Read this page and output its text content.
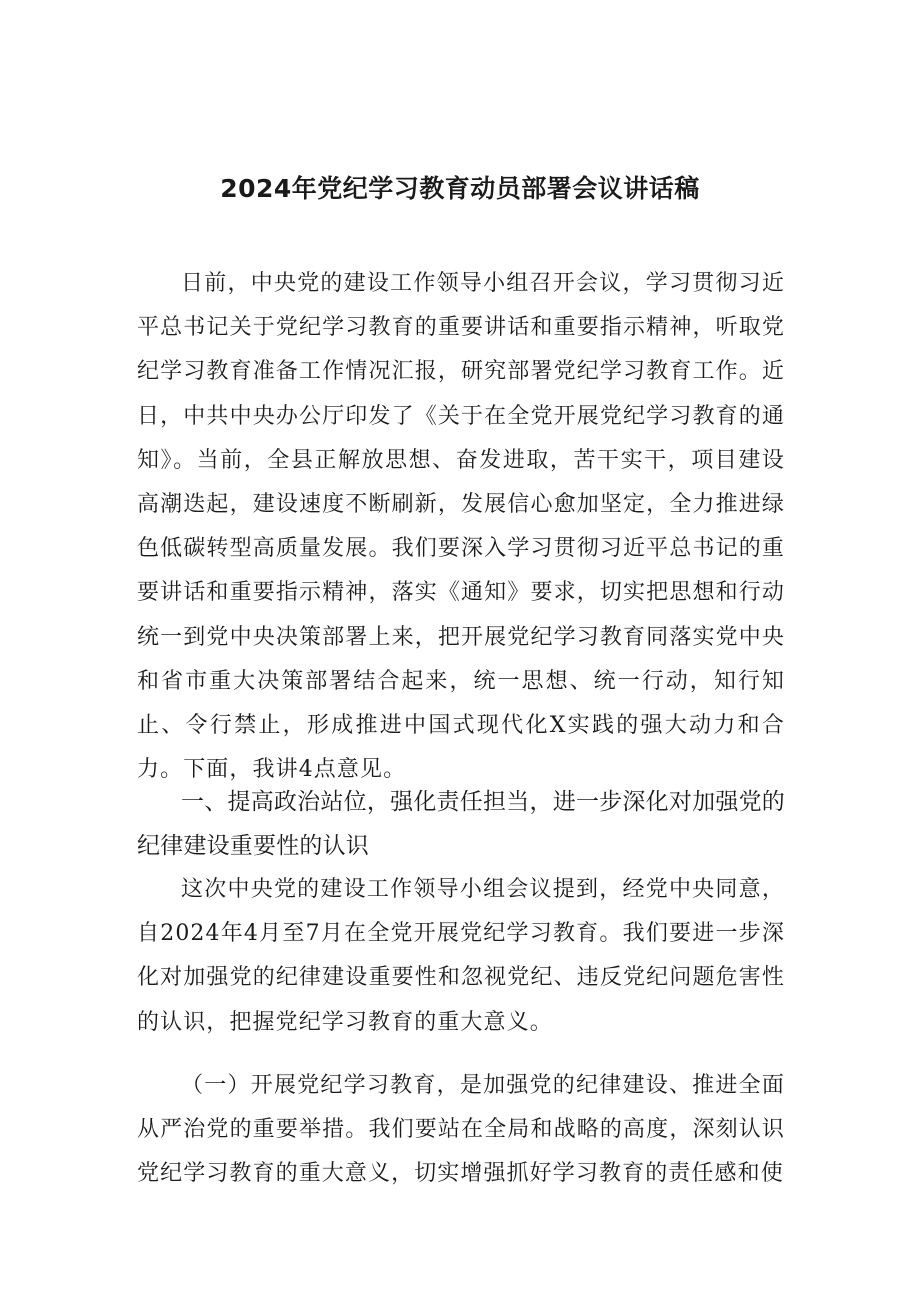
2024年党纪学习教育动员部署会议讲话稿

日前，中央党的建设工作领导小组召开会议，学习贯彻习近平总书记关于党纪学习教育的重要讲话和重要指示精神，听取党纪学习教育准备工作情况汇报，研究部署党纪学习教育工作。近日，中共中央办公厅印发了《关于在全党开展党纪学习教育的通知》。当前，全县正解放思想、奋发进取，苦干实干，项目建设高潮迭起，建设速度不断刷新，发展信心愈加坚定，全力推进绿色低碳转型高质量发展。我们要深入学习贯彻习近平总书记的重要讲话和重要指示精神，落实《通知》要求，切实把思想和行动统一到党中央决策部署上来，把开展党纪学习教育同落实党中央和省市重大决策部署结合起来，统一思想、统一行动，知行知止、令行禁止，形成推进中国式现代化X实践的强大动力和合力。下面，我讲4点意见。

一、提高政治站位，强化责任担当，进一步深化对加强党的纪律建设重要性的认识

这次中央党的建设工作领导小组会议提到，经党中央同意，自2024年4月至7月在全党开展党纪学习教育。我们要进一步深化对加强党的纪律建设重要性和忽视党纪、违反党纪问题危害性的认识，把握党纪学习教育的重大意义。

（一）开展党纪学习教育，是加强党的纪律建设、推进全面从严治党的重要举措。我们要站在全局和战略的高度，深刻认识党纪学习教育的重大意义，切实增强抓好学习教育的责任感和使
